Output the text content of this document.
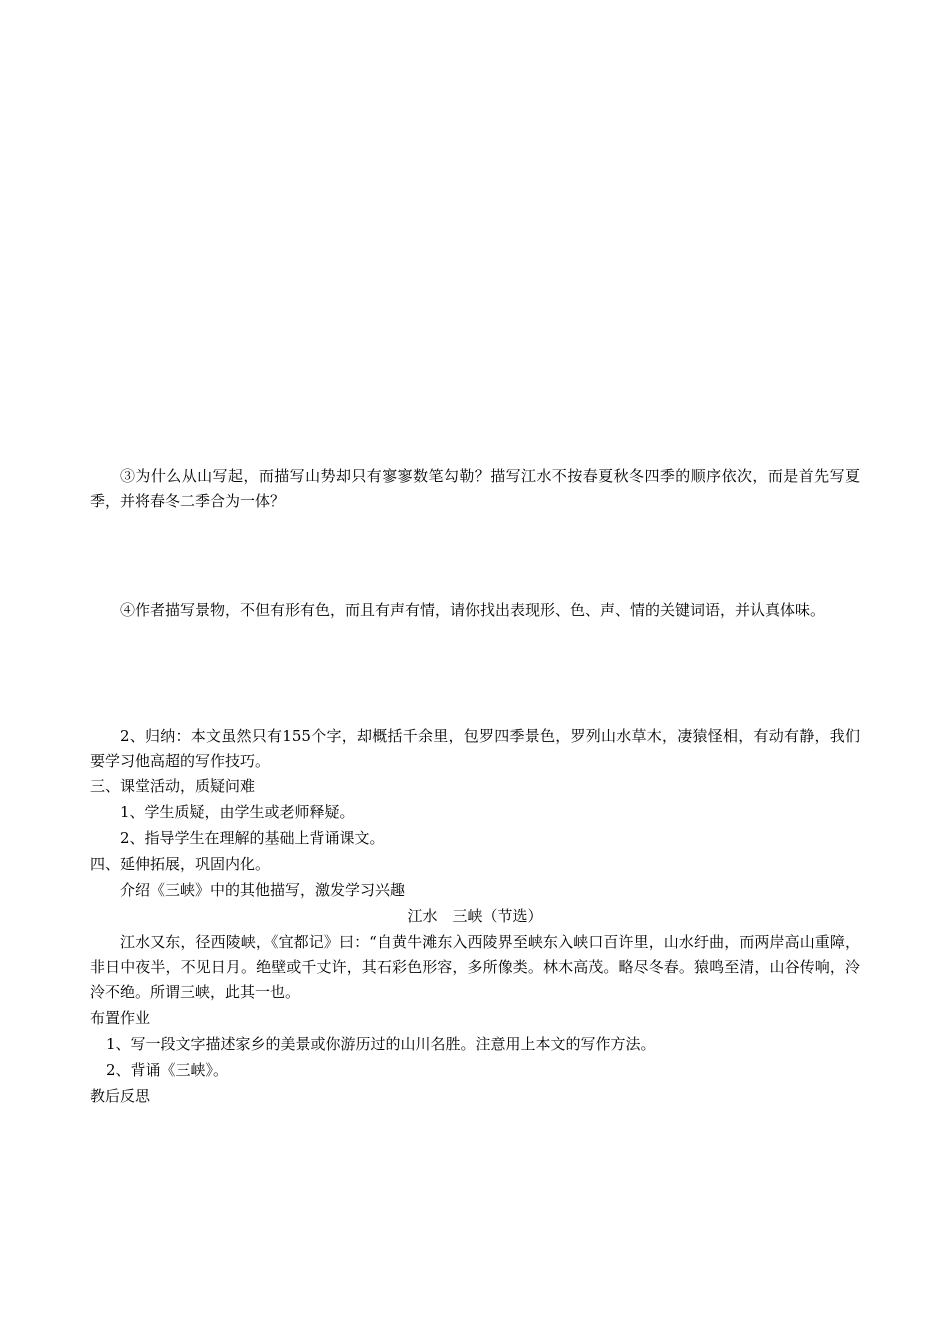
③为什么从山写起，而描写山势却只有寥寥数笔勾勒？描写江水不按春夏秋冬四季的顺序依次，而是首先写夏季，并将春冬二季合为一体？
④作者描写景物，不但有形有色，而且有声有情，请你找出表现形、色、声、情的关键词语，并认真体味。
2、归纳：本文虽然只有155个字，却概括千余里，包罗四季景色，罗列山水草木，凄猿怪相，有动有静，我们要学习他高超的写作技巧。
三、课堂活动，质疑问难
1、学生质疑，由学生或老师释疑。
2、指导学生在理解的基础上背诵课文。
四、延伸拓展，巩固内化。
介绍《三峡》中的其他描写，激发学习兴趣
江水　三峡（节选）
江水又东，径西陵峡，《宜都记》曰：“自黄牛滩东入西陵界至峡东入峡口百许里，山水纡曲，而两岸高山重障，非日中夜半，不见日月。绝壁或千丈许，其石彩色形容，多所像类。林木高茂。略尽冬春。猿鸣至清，山谷传响，泠泠不绝。所谓三峡，此其一也。
布置作业
1、写一段文字描述家乡的美景或你游历过的山川名胜。注意用上本文的写作方法。
2、背诵《三峡》。
教后反思
